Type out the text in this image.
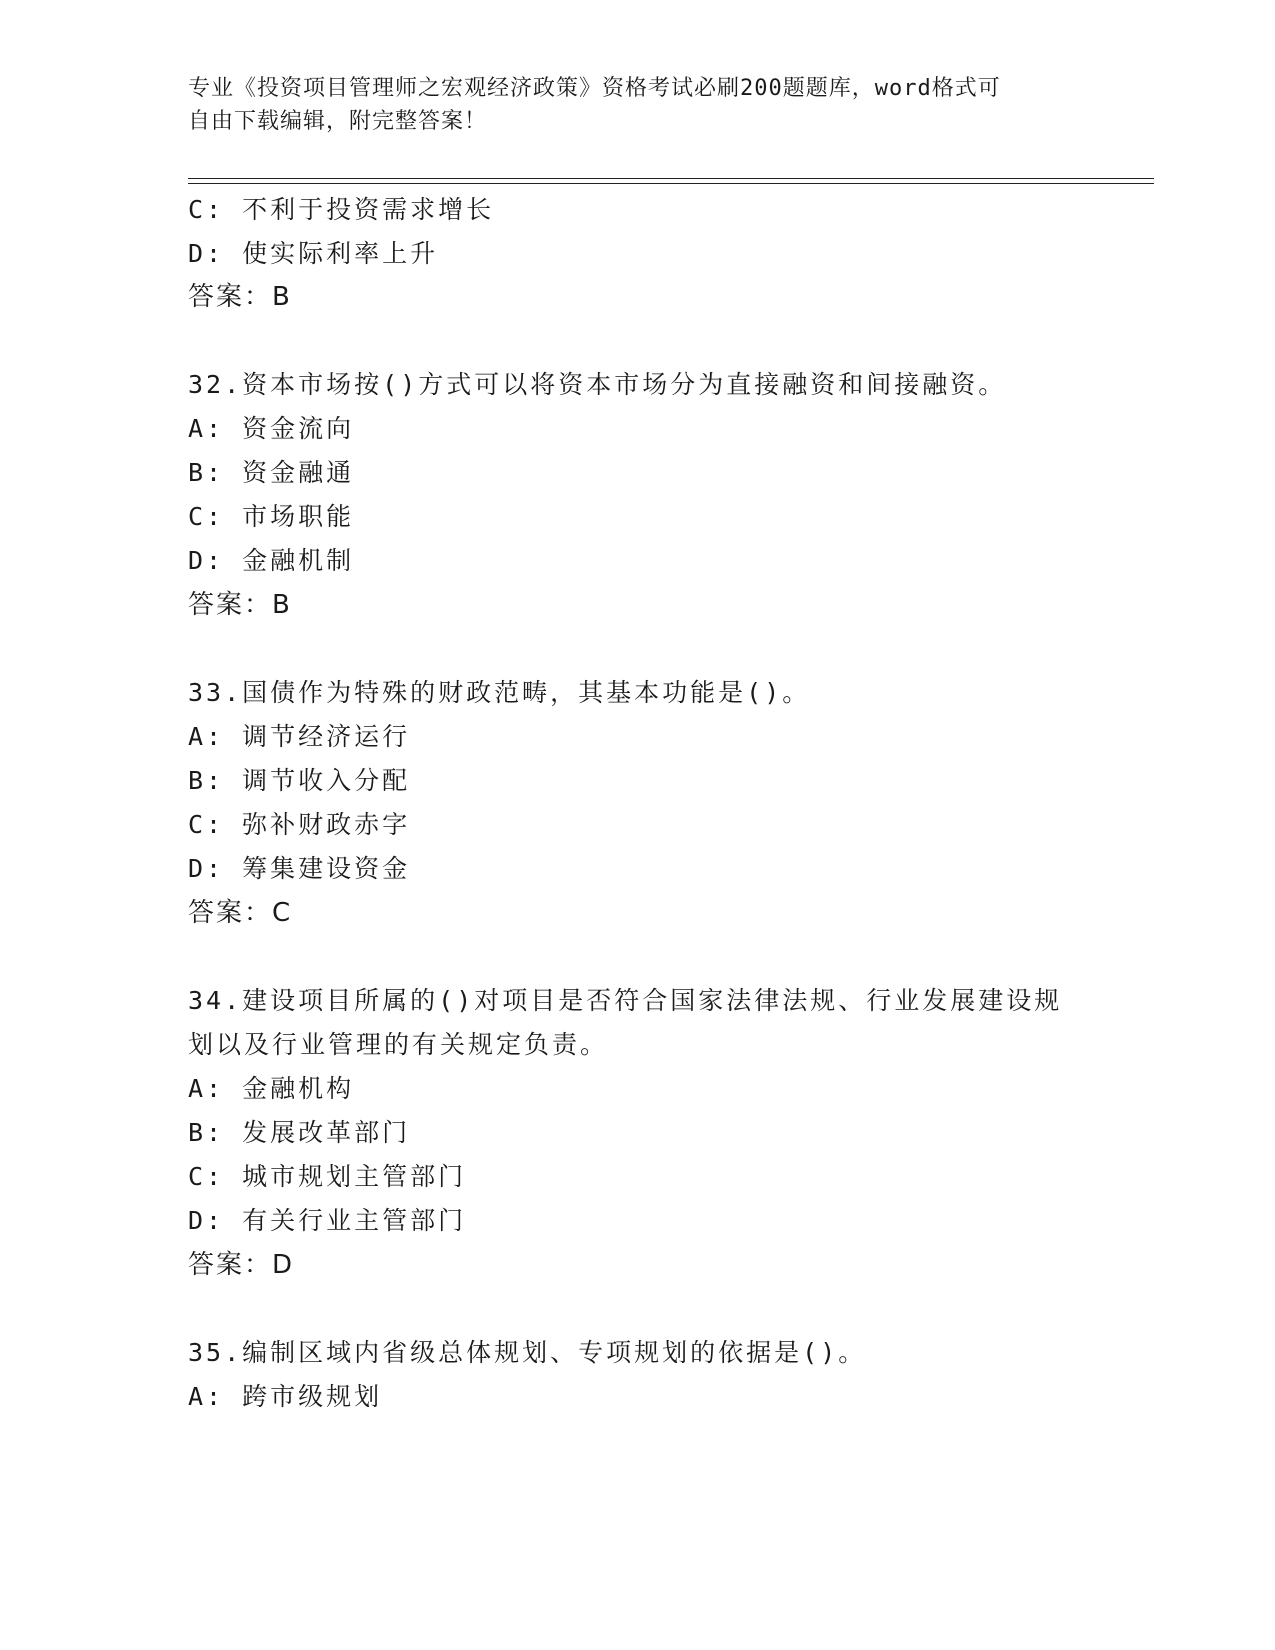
专业《投资项目管理师之宏观经济政策》资格考试必刷200题题库，word格式可
自由下载编辑，附完整答案！
C: 不利于投资需求增长
D: 使实际利率上升
答案：B
32.资本市场按()方式可以将资本市场分为直接融资和间接融资。
A: 资金流向
B: 资金融通
C: 市场职能
D: 金融机制
答案：B
33.国债作为特殊的财政范畴，其基本功能是()。
A: 调节经济运行
B: 调节收入分配
C: 弥补财政赤字
D: 筹集建设资金
答案：C
34.建设项目所属的()对项目是否符合国家法律法规、行业发展建设规
划以及行业管理的有关规定负责。
A: 金融机构
B: 发展改革部门
C: 城市规划主管部门
D: 有关行业主管部门
答案：D
35.编制区域内省级总体规划、专项规划的依据是()。
A: 跨市级规划
